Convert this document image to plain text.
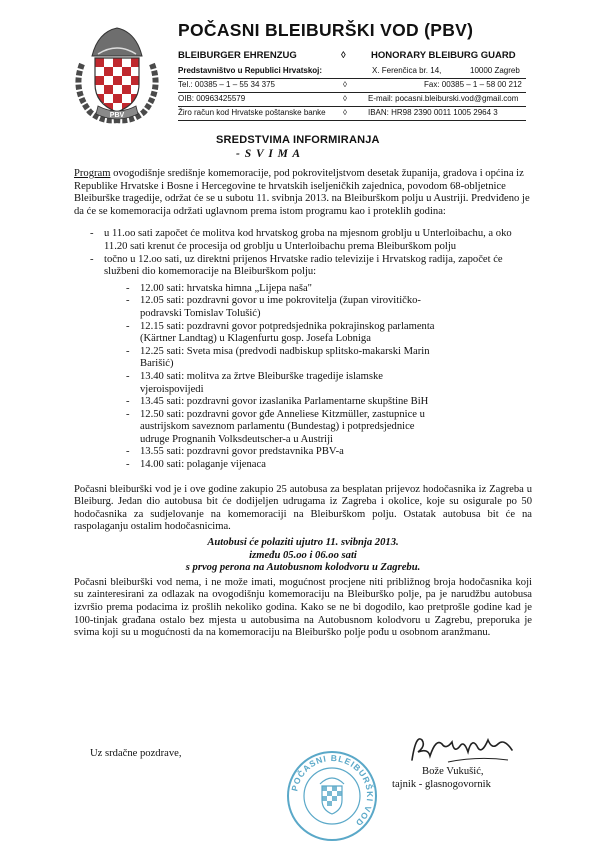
PBV
POČASNI BLEIBURŠKI VOD (PBV)
BLEIBURGER EHRENZUG	◊	HONORARY BLEIBURG GUARD
Predstavništvo u Republici Hrvatskoj:	X. Ferenčica br. 14,	10000 Zagreb
Tel.: 00385 – 1 – 55 34 375	◊	Fax: 00385 – 1 – 58 00 212
OIB: 00963425579	◊	E-mail: pocasni.bleiburski.vod@gmail.com
Žiro račun kod Hrvatske poštanske banke ◊	IBAN: HR98 2390 0011 1005 2964 3
SREDSTVIMA INFORMIRANJA
- S V I M A

Program ovogodišnje središnje komemoracije, pod pokroviteljstvom desetak županija, gradova i općina iz Republike Hrvatske i Bosne i Hercegovine te hrvatskih iseljeničkih zajednica, povodom 68-obljetnice Bleiburške tragedije, održat će se u subotu 11. svibnja 2013. na Bleiburškom polju u Austriji. Predviđeno je da će se komemoracija održati uglavnom prema istom programu kao i proteklih godina:

- u 11.oo sati započet će molitva kod hrvatskog groba na mjesnom groblju u Unterloibachu, a oko 11.20 sati krenut će procesija od groblju u Unterloibachu prema Bleiburškom polju
- točno u 12.oo sati, uz direktni prijenos Hrvatske radio televizije i Hrvatskog radija, započet će službeni dio komemoracije na Bleiburškom polju:
- 12.00 sati: hrvatska himna „Lijepa naša"
- 12.05 sati: pozdravni govor u ime pokrovitelja (župan virovitičko-podravski Tomislav Tolušić)
- 12.15 sati: pozdravni govor potpredsjednika pokrajinskog parlamenta (Kärtner Landtag) u Klagenfurtu gosp. Josefa Lobniga
- 12.25 sati: Sveta misa (predvodi nadbiskup splitsko-makarski Marin Barišić)
- 13.40 sati: molitva za žrtve Bleiburške tragedije islamske vjeroispovijedi
- 13.45 sati: pozdravni govor izaslanika Parlamentarne skupštine BiH
- 12.50 sati: pozdravni govor gđe Anneliese Kitzmüller, zastupnice u austrijskom saveznom parlamentu (Bundestag) i potpredsjednice udruge Prognanih Volksdeutscher-a u Austriji
- 13.55 sati: pozdravni govor predstavnika PBV-a
- 14.00 sati: polaganje vijenaca

Počasni bleiburški vod je i ove godine zakupio 25 autobusa za besplatan prijevoz hodočasnika iz Zagreba u Bleiburg. Jedan dio autobusa bit će dodijeljen udrugama iz Zagreba i okolice, koje su osigurale po 50 hodočasnika za sudjelovanje na komemoraciji na Bleiburškom polju. Ostatak autobusa bit će na raspolaganju ostalim hodočasnicima.

Autobusi će polaziti ujutro 11. svibnja 2013.
između 05.oo i 06.oo sati
s prvog perona na Autobusnom kolodvoru u Zagrebu.

Počasni bleiburški vod nema, i ne može imati, mogućnost procjene niti približnog broja hodočasnika koji su zainteresirani za odlazak na ovogodišnju komemoraciju na Bleiburško polje, pa je narudžbu autobusa izvršio prema podacima iz prošlih nekoliko godina. Kako se ne bi dogodilo, kao pretprošle godine kad je 100-tinjak građana ostalo bez mjesta u autobusima na Autobusnom kolodvoru u Zagrebu, preporuka je svima koji su u mogućnosti da na komemoraciju na Bleiburško polje pođu u osobnom aranžmanu.

Uz srdačne pozdrave,
POČASNI BLEIBURŠKI VOD
Bože Vukušić,
tajnik - glasnogovornik
